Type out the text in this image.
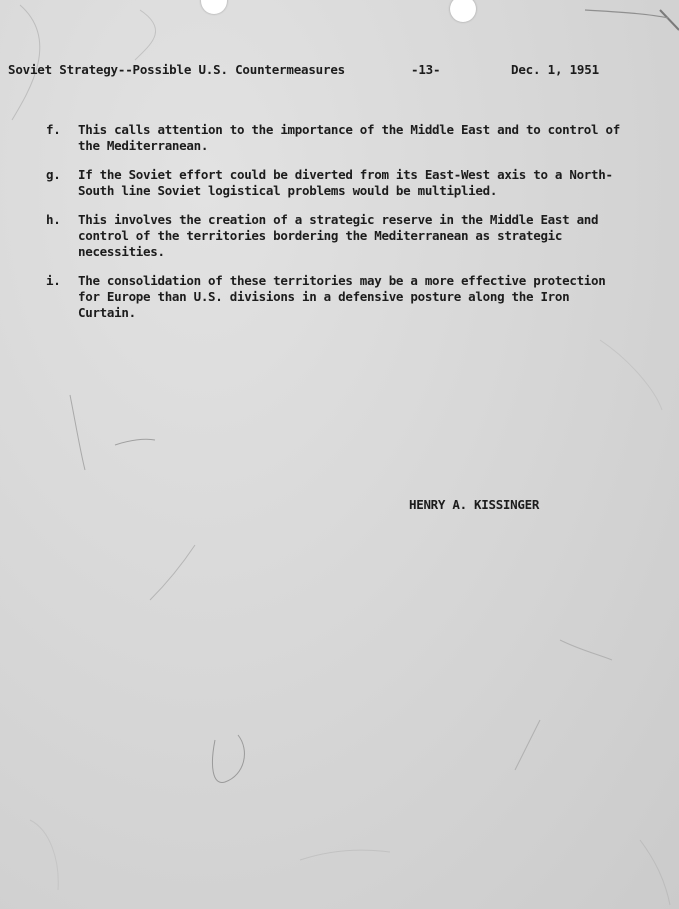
Soviet Strategy--Possible U.S. Countermeasures	-13-	Dec. 1, 1951
f.	This calls attention to the importance of the Middle East and to control of the Mediterranean.
g.	If the Soviet effort could be diverted from its East-West axis to a North-South line Soviet logistical problems would be multiplied.
h.	This involves the creation of a strategic reserve in the Middle East and control of the territories bordering the Mediterranean as strategic necessities.
i.	The consolidation of these territories may be a more effective protection for Europe than U.S. divisions in a defensive posture along the Iron Curtain.
HENRY A. KISSINGER
